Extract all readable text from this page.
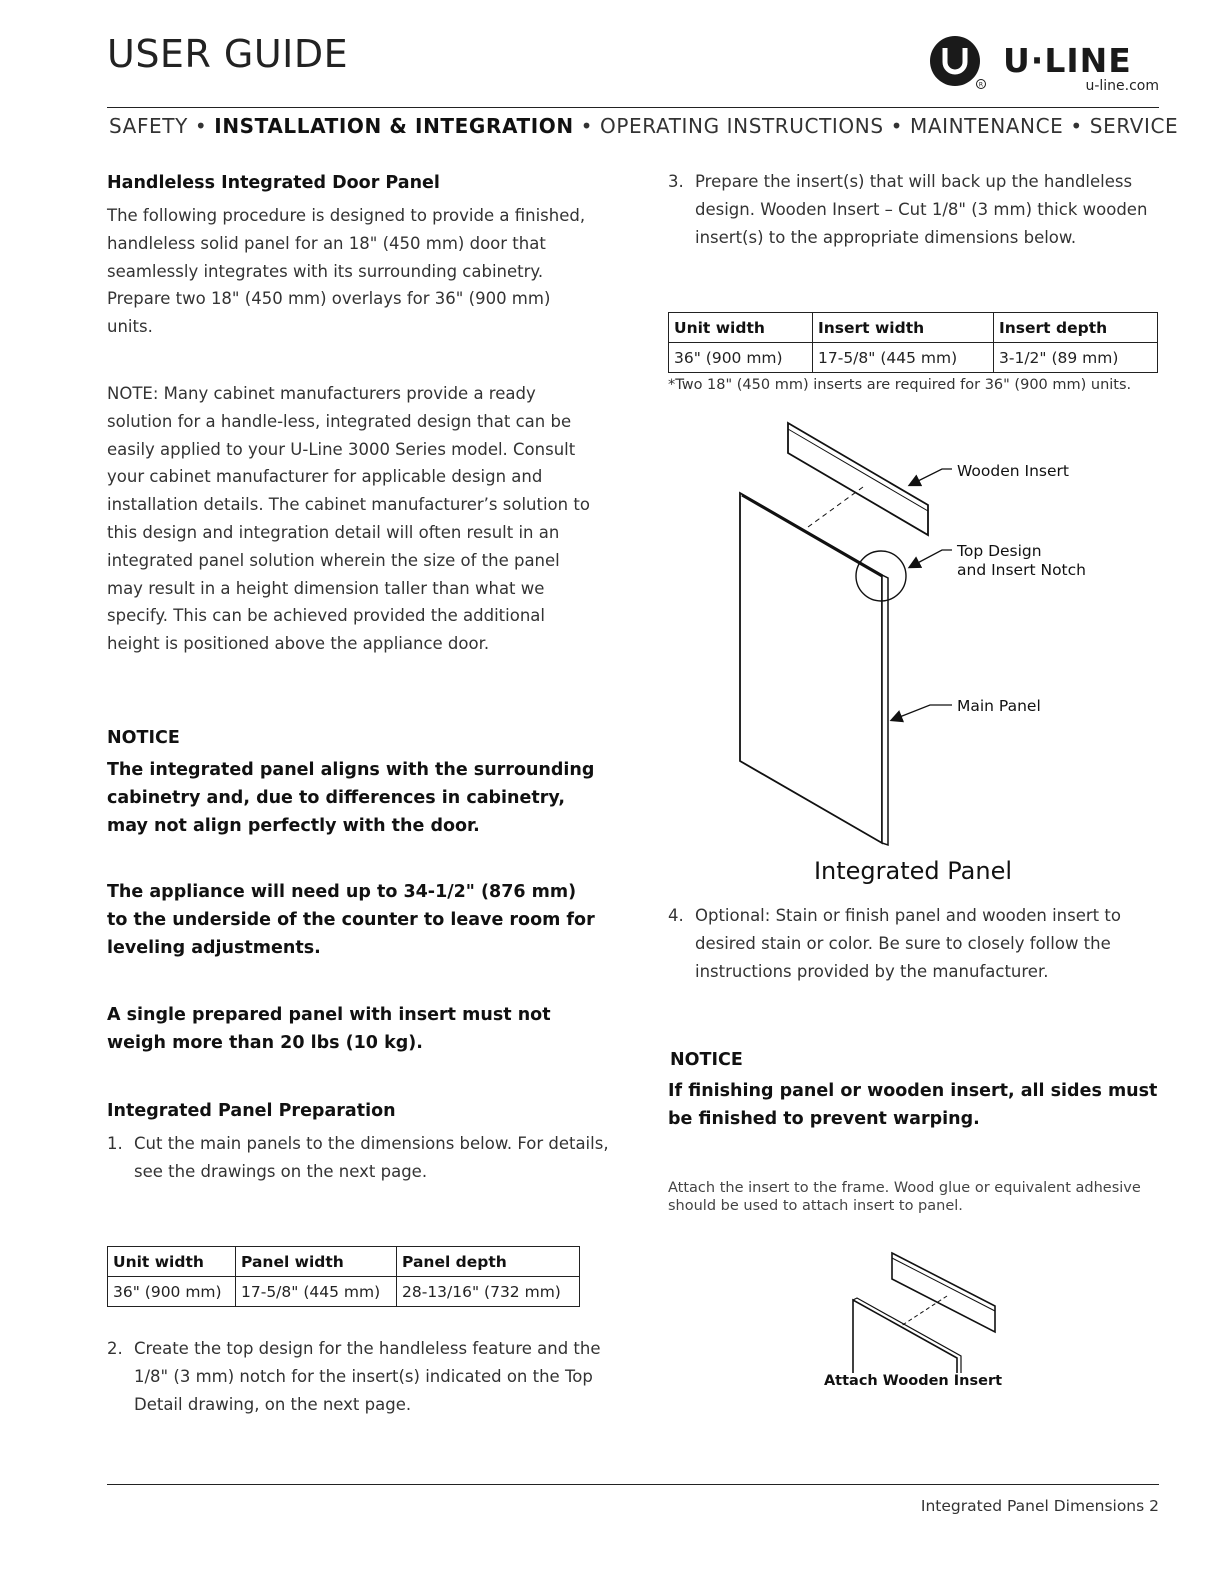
USER GUIDE
R
U·LINE
u-line.com
SAFETY • INSTALLATION & INTEGRATION • OPERATING INSTRUCTIONS • MAINTENANCE • SERVICE
Handleless Integrated Door Panel
The following procedure is designed to provide a finished, handleless solid panel for an 18" (450 mm) door that seamlessly integrates with its surrounding cabinetry. Prepare two 18" (450 mm) overlays for 36" (900 mm) units.
NOTE: Many cabinet manufacturers provide a ready solution for a handle-less, integrated design that can be easily applied to your U-Line 3000 Series model. Consult your cabinet manufacturer for applicable design and installation details. The cabinet manufacturer’s solution to this design and integration detail will often result in an integrated panel solution wherein the size of the panel may result in a height dimension taller than what we specify. This can be achieved provided the additional height is positioned above the appliance door.
NOTICE
The integrated panel aligns with the surrounding cabinetry and, due to differences in cabinetry, may not align perfectly with the door.
The appliance will need up to 34-1/2" (876 mm) to the underside of the counter to leave room for leveling adjustments.
A single prepared panel with insert must not weigh more than 20 lbs (10 kg).
Integrated Panel Preparation
1. Cut the main panels to the dimensions below. For details, see the drawings on the next page.
Unit width	Panel width	Panel depth
36" (900 mm)	17-5/8" (445 mm)	28-13/16" (732 mm)
2. Create the top design for the handleless feature and the 1/8" (3 mm) notch for the insert(s) indicated on the Top Detail drawing, on the next page.
3. Prepare the insert(s) that will back up the handleless design. Wooden Insert – Cut 1/8" (3 mm) thick wooden insert(s) to the appropriate dimensions below.
Unit width	Insert width	Insert depth
36" (900 mm)	17-5/8" (445 mm)	3-1/2" (89 mm)
*Two 18" (450 mm) inserts are required for 36" (900 mm) units.
Wooden Insert
Top Design
and Insert Notch
Main Panel
Integrated Panel
4. Optional: Stain or finish panel and wooden insert to desired stain or color. Be sure to closely follow the instructions provided by the manufacturer.
NOTICE
If finishing panel or wooden insert, all sides must be finished to prevent warping.
Attach the insert to the frame. Wood glue or equivalent adhesive should be used to attach insert to panel.
Attach Wooden Insert
Integrated Panel Dimensions 2
